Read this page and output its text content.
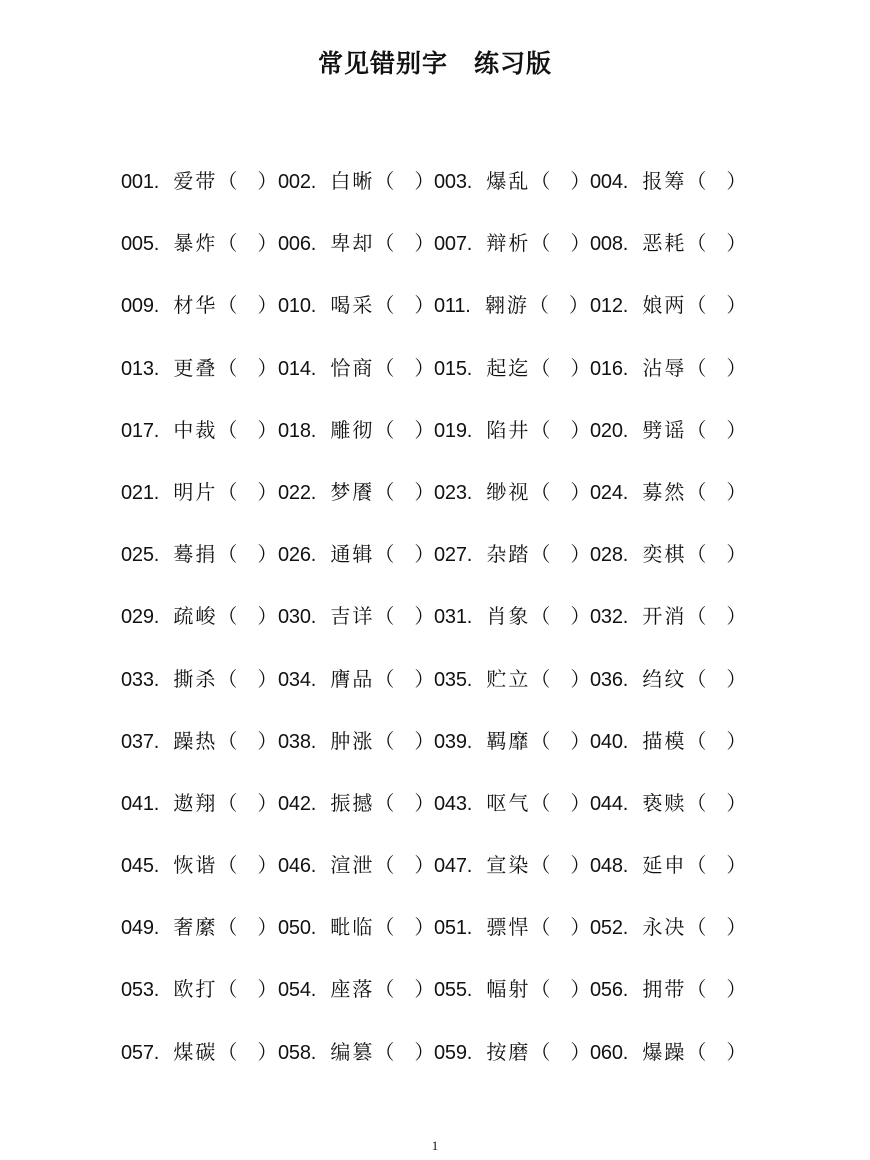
常见错别字　练习版
001. 爱带（　） 002. 白晰（　） 003. 爆乱（　） 004. 报筹（　）
005. 暴炸（　） 006. 卑却（　） 007. 辩析（　） 008. 恶耗（　）
009. 材华（　） 010. 喝采（　） 011. 翱游（　） 012. 娘两（　）
013. 更叠（　） 014. 恰商（　） 015. 起迄（　） 016. 沾辱（　）
017. 中裁（　） 018. 雕彻（　） 019. 陷井（　） 020. 劈谣（　）
021. 明片（　） 022. 梦餍（　） 023. 缈视（　） 024. 募然（　）
025. 蓦捐（　） 026. 通辑（　） 027. 杂踏（　） 028. 奕棋（　）
029. 疏峻（　） 030. 吉详（　） 031. 肖象（　） 032. 开消（　）
033. 撕杀（　） 034. 膺品（　） 035. 贮立（　） 036. 绉纹（　）
037. 躁热（　） 038. 肿涨（　） 039. 羁靡（　） 040. 描模（　）
041. 遨翔（　） 042. 振撼（　） 043. 呕气（　） 044. 亵赎（　）
045. 恢谐（　） 046. 渲泄（　） 047. 宣染（　） 048. 延申（　）
049. 奢縻（　） 050. 毗临（　） 051. 骠悍（　） 052. 永决（　）
053. 欧打（　） 054. 座落（　） 055. 幅射（　） 056. 拥带（　）
057. 煤碳（　） 058. 编篡（　） 059. 按磨（　） 060. 爆躁（　）
1
